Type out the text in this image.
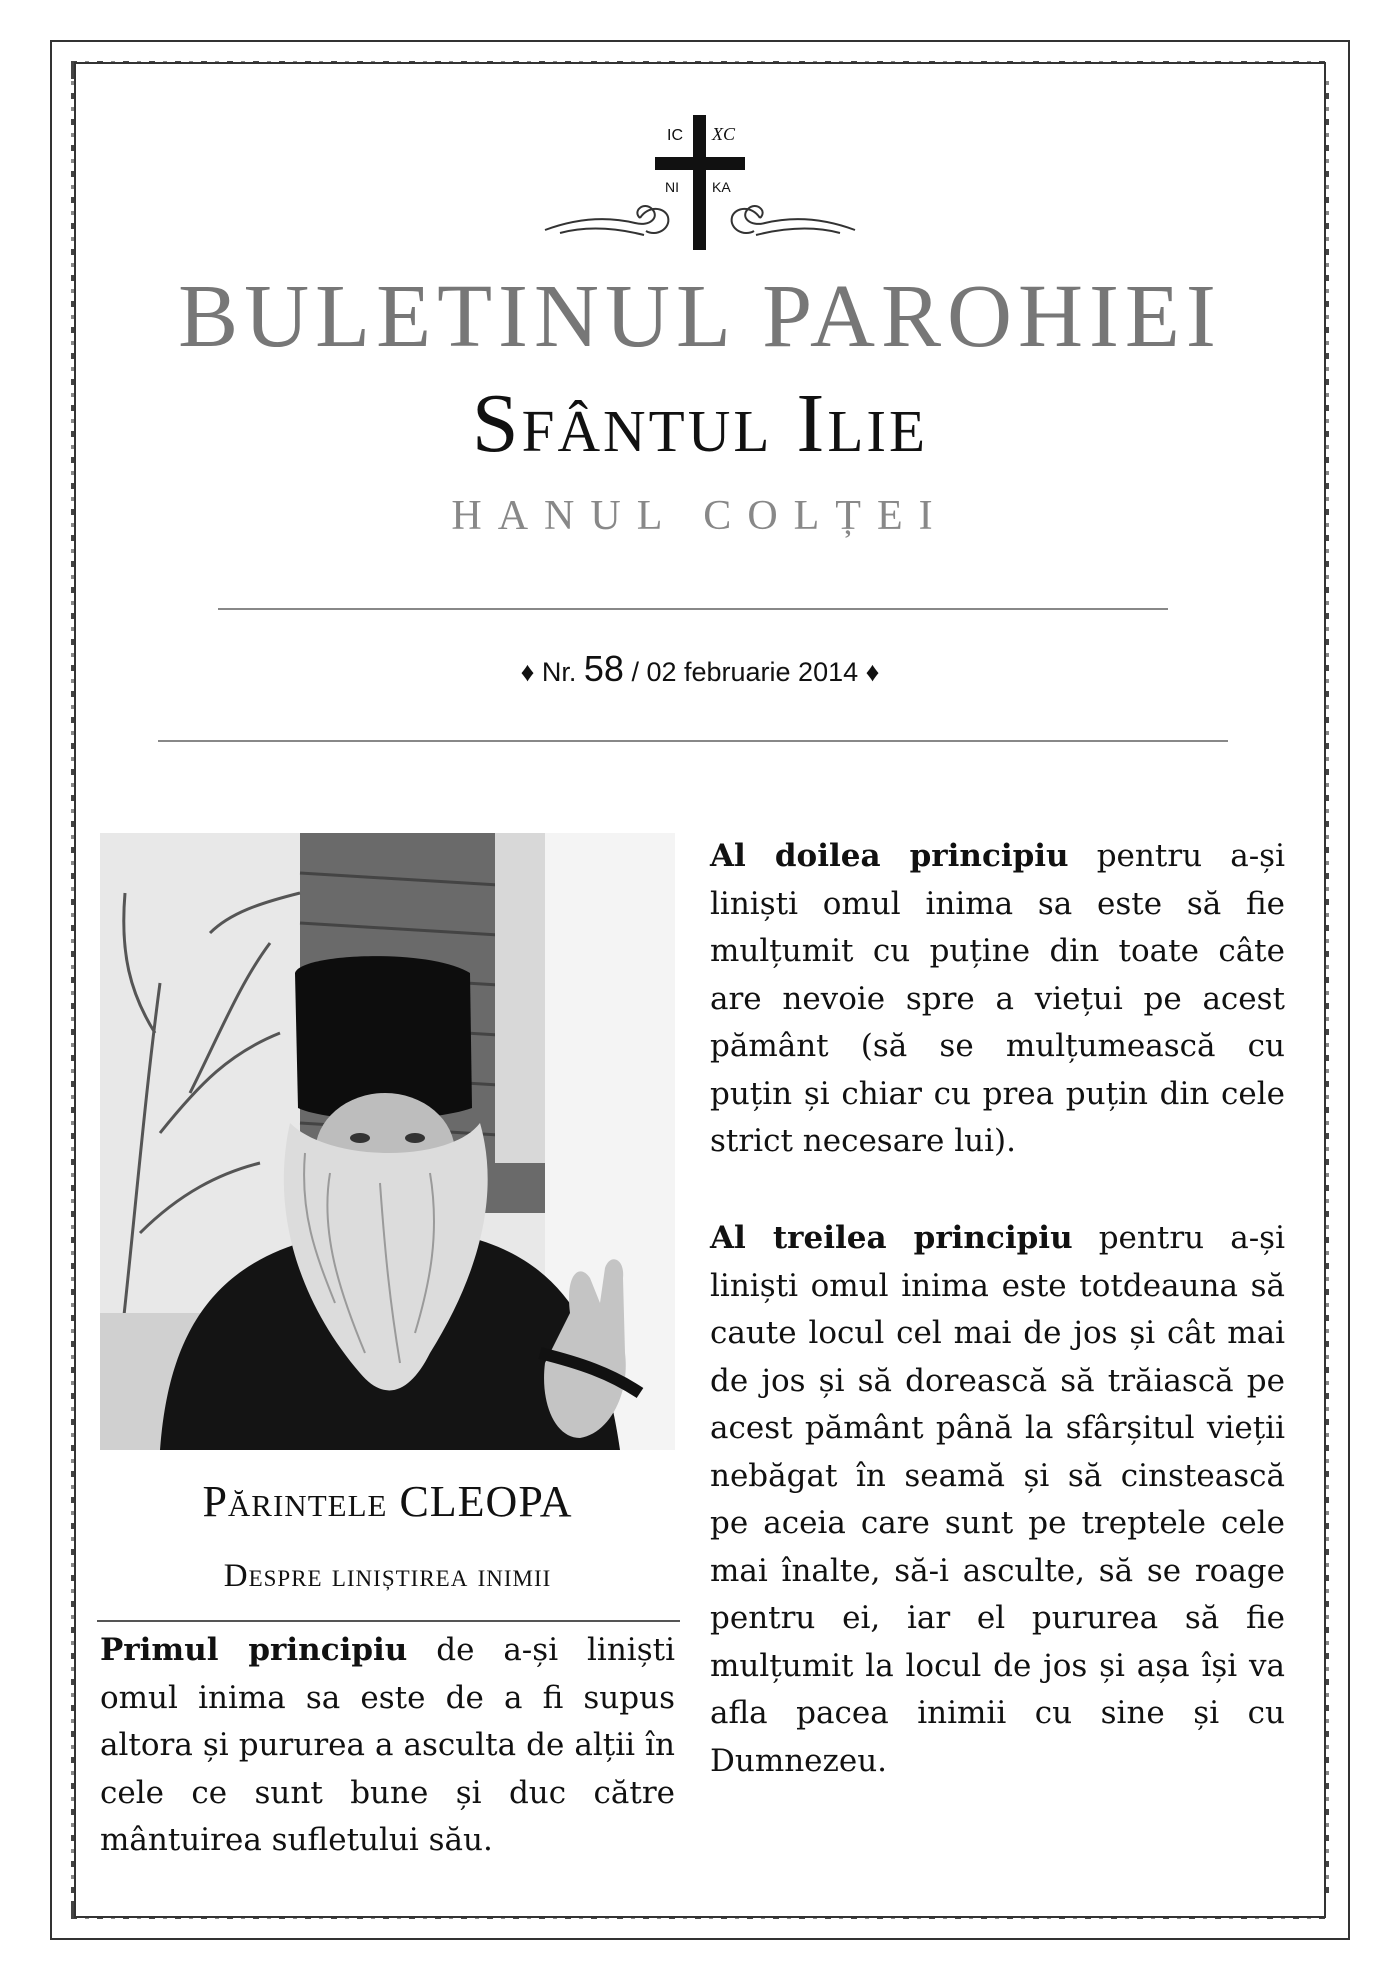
IC XC
NI KA
BULETINUL PAROHIEI
Sfântul Ilie
HANUL COLȚEI
♦ Nr. 58 / 02 februarie 2014 ♦
Părintele CLEOPA
Despre liniștirea inimii

Primul principiu de a-și liniști omul inima sa este de a fi supus altora și pururea a asculta de alții în cele ce sunt bune și duc către mântuirea sufletului său.

Al doilea principiu pentru a-și liniști omul inima sa este să fie mulțumit cu puține din toate câte are nevoie spre a viețui pe acest pământ (să se mulțumească cu puțin și chiar cu prea puțin din cele strict necesare lui).

Al treilea principiu pentru a-și liniști omul inima este totdeauna să caute locul cel mai de jos și cât mai de jos și să dorească să trăiască pe acest pământ până la sfârșitul vieții nebăgat în seamă și să cinstească pe aceia care sunt pe treptele cele mai înalte, să-i asculte, să se roage pentru ei, iar el pururea să fie mulțumit la locul de jos și așa își va afla pacea inimii cu sine și cu Dumnezeu.
